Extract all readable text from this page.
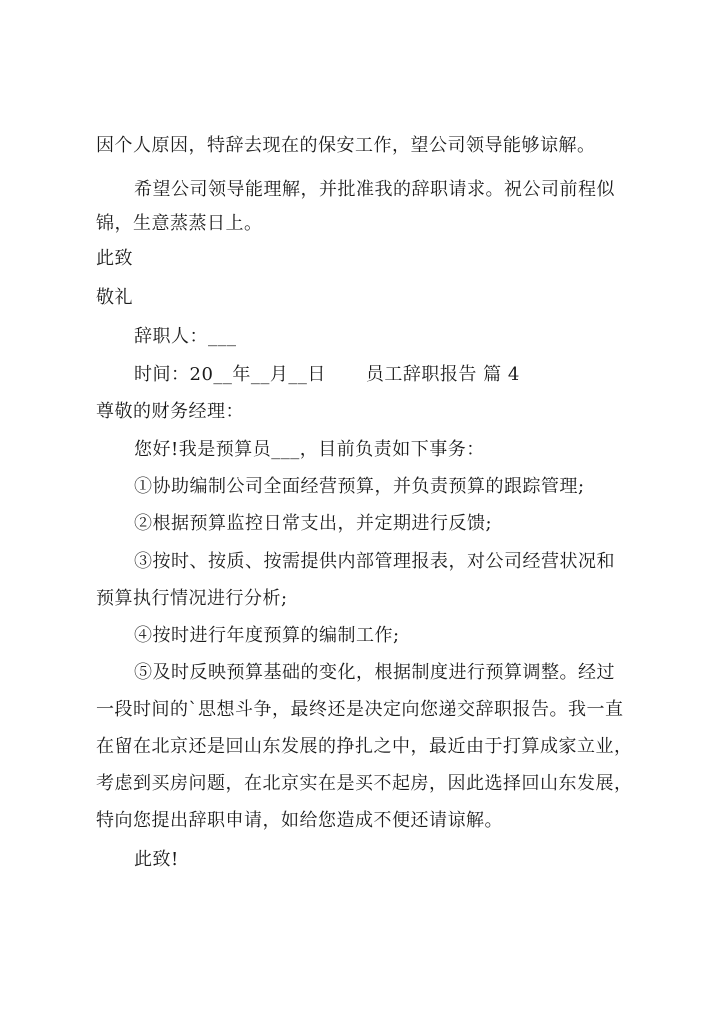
因个人原因，特辞去现在的保安工作，望公司领导能够谅解。
希望公司领导能理解，并批准我的辞职请求。祝公司前程似
锦，生意蒸蒸日上。
此致
敬礼
辞职人：___
时间：20__年__月__日 员工辞职报告 篇 4
尊敬的财务经理：
您好!我是预算员___，目前负责如下事务：
①协助编制公司全面经营预算，并负责预算的跟踪管理;
②根据预算监控日常支出，并定期进行反馈;
③按时、按质、按需提供内部管理报表，对公司经营状况和
预算执行情况进行分析;
④按时进行年度预算的编制工作;
⑤及时反映预算基础的变化，根据制度进行预算调整。经过
一段时间的`思想斗争，最终还是决定向您递交辞职报告。我一直
在留在北京还是回山东发展的挣扎之中，最近由于打算成家立业，
考虑到买房问题，在北京实在是买不起房，因此选择回山东发展，
特向您提出辞职申请，如给您造成不便还请谅解。
此致!
